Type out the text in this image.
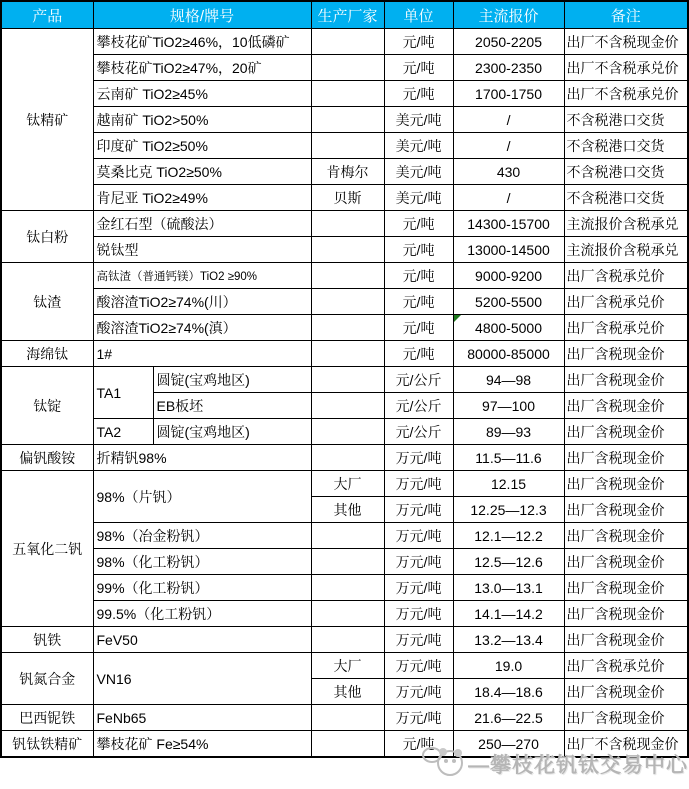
产品	规格/牌号		生产厂家	单位	主流报价	备注
钛精矿	攀枝花矿TiO2≥46%，10低磷矿			元/吨	2050-2205	出厂不含税现金价
	攀枝花矿TiO2≥47%，20矿			元/吨	2300-2350	出厂不含税承兑价
	云南矿 TiO2≥45%			元/吨	1700-1750	出厂不含税承兑价
	越南矿 TiO2>50%			美元/吨	/	不含税港口交货
	印度矿 TiO2≥50%			美元/吨	/	不含税港口交货
	莫桑比克 TiO2≥50%		肯梅尔	美元/吨	430	不含税港口交货
	肯尼亚 TiO2≥49%		贝斯	美元/吨	/	不含税港口交货
钛白粉	金红石型（硫酸法）			元/吨	14300-15700	主流报价含税承兑
	锐钛型			元/吨	13000-14500	主流报价含税承兑
钛渣	高钛渣（普通钙镁）TiO2 ≥90%			元/吨	9000-9200	出厂含税承兑价
	酸溶渣TiO2≥74%(川）			元/吨	5200-5500	出厂含税承兑价
	酸溶渣TiO2≥74%(滇）			元/吨	4800-5000	出厂含税承兑价
海绵钛	1#			元/吨	80000-85000	出厂含税现金价
钛锭	TA1	圆锭(宝鸡地区)		元/公斤	94—98	出厂含税现金价
		EB板坯		元/公斤	97—100	出厂含税现金价
	TA2	圆锭(宝鸡地区)		元/公斤	89—93	出厂含税现金价
偏钒酸铵	折精钒98%			万元/吨	11.5—11.6	出厂含税现金价
五氧化二钒	98%（片钒）		大厂	万元/吨	12.15	出厂含税现金价
			其他	万元/吨	12.25—12.3	出厂含税现金价
	98%（冶金粉钒）			万元/吨	12.1—12.2	出厂含税现金价
	98%（化工粉钒）			万元/吨	12.5—12.6	出厂含税现金价
	99%（化工粉钒）			万元/吨	13.0—13.1	出厂含税现金价
	99.5%（化工粉钒）			万元/吨	14.1—14.2	出厂含税现金价
钒铁	FeV50			万元/吨	13.2—13.4	出厂含税现金价
钒氮合金	VN16		大厂	万元/吨	19.0	出厂含税承兑价
			其他	万元/吨	18.4—18.6	出厂含税现金价
巴西铌铁	FeNb65			万元/吨	21.6—22.5	出厂含税现金价
钒钛铁精矿	攀枝花矿 Fe≥54%			元/吨	250—270	出厂不含税现金价
—攀枝花钒钛交易中心
